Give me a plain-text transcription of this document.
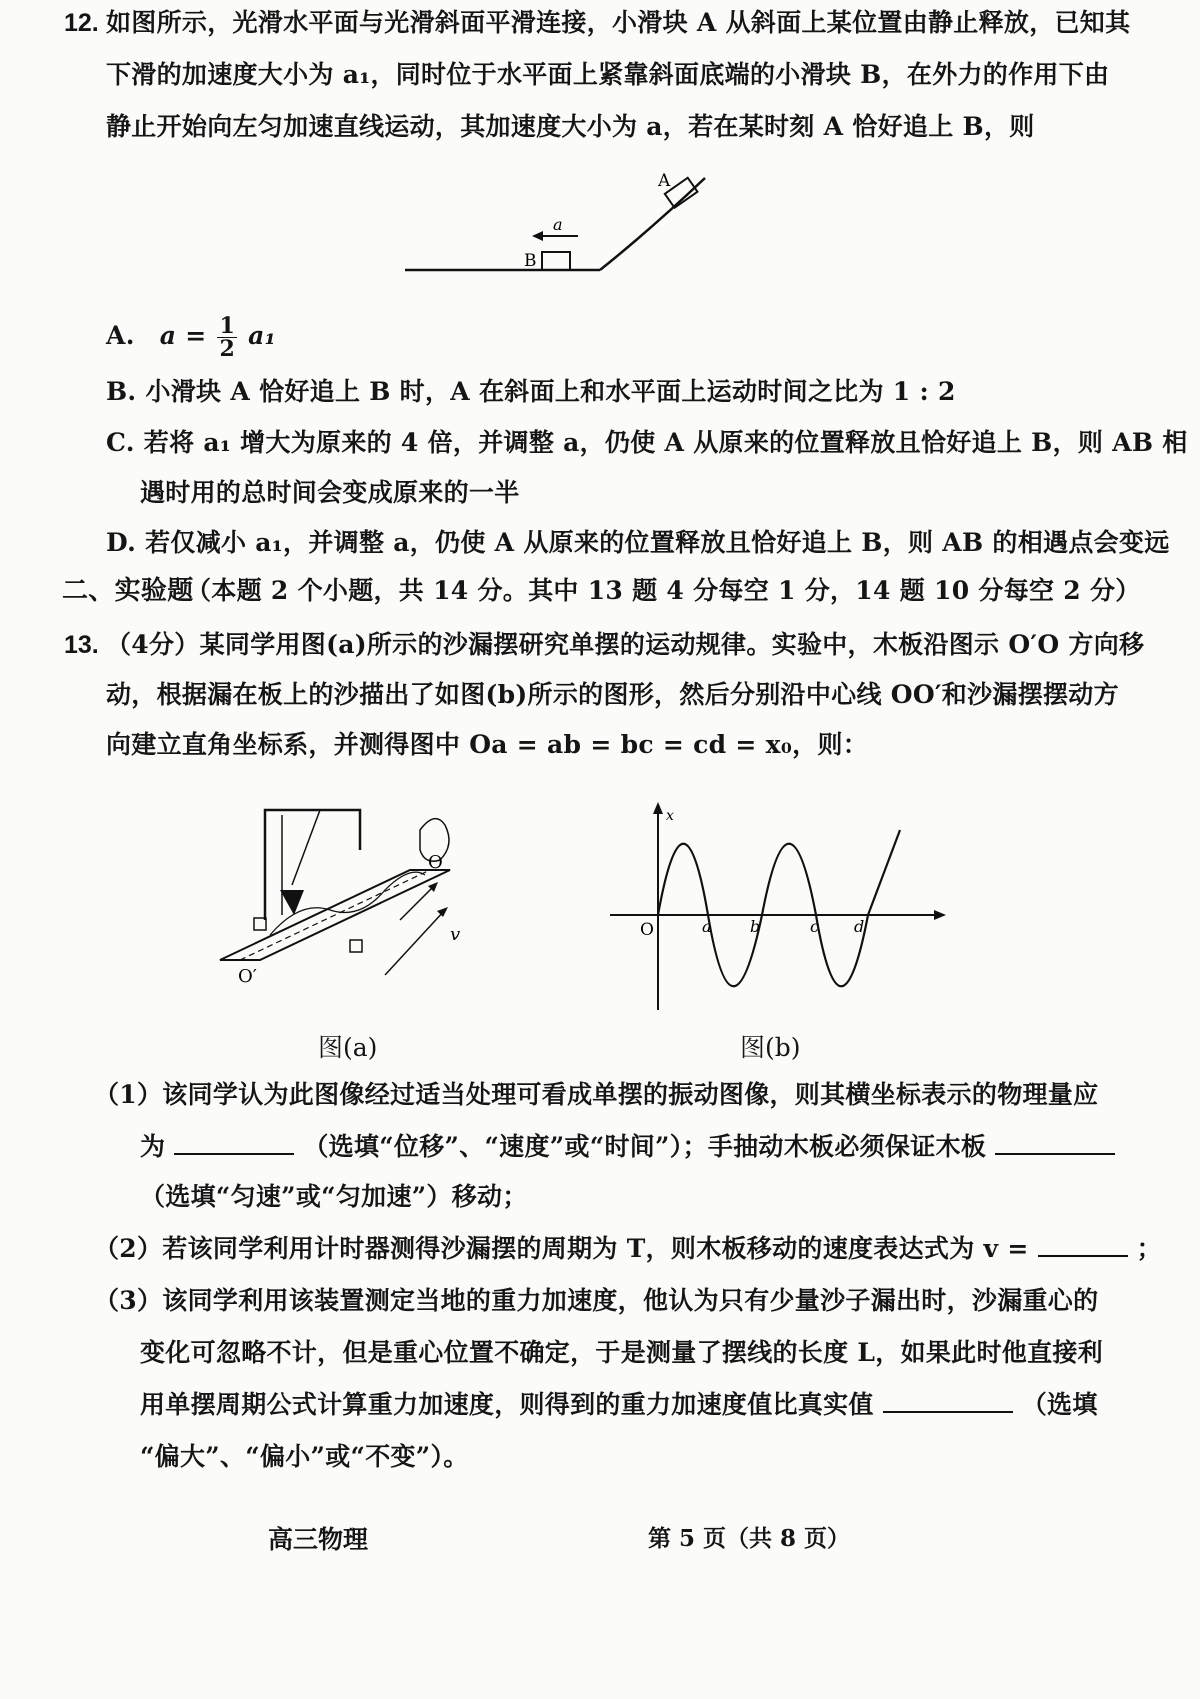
12. 如图所示，光滑水平面与光滑斜面平滑连接，小滑块 A 从斜面上某位置由静止释放，已知其
下滑的加速度大小为 a₁，同时位于水平面上紧靠斜面底端的小滑块 B，在外力的作用下由
静止开始向左匀加速直线运动，其加速度大小为 a，若在某时刻 A 恰好追上 B，则
a
B
A
A. $a = \frac{1}{2} a_1$
B. 小滑块 A 恰好追上 B 时，A 在斜面上和水平面上运动时间之比为 1 : 2
C. 若将 a₁ 增大为原来的 4 倍，并调整 a，仍使 A 从原来的位置释放且恰好追上 B，则 AB 相
遇时用的总时间会变成原来的一半
D. 若仅减小 a₁，并调整 a，仍使 A 从原来的位置释放且恰好追上 B，则 AB 的相遇点会变远
二、实验题
（本题 2 个小题，共 14 分。其中 13 题 4 分每空 1 分，14 题 10 分每空 2 分）
13. （4分）某同学用图(a)所示的沙漏摆研究单摆的运动规律。实验中，木板沿图示 O′O 方向移
动，根据漏在板上的沙描出了如图(b)所示的图形，然后分别沿中心线 OO′和沙漏摆摆动方
向建立直角坐标系，并测得图中 Oa = ab = bc = cd = x₀，则：
O
O′
v
图(a)
x
O	a b	c d
图(b)
（1）该同学认为此图像经过适当处理可看成单摆的振动图像，则其横坐标表示的物理量应
为	（选填“位移”、“速度”或“时间”）；手抽动木板必须保证木板
（选填“匀速”或“匀加速”）移动；
（2）若该同学利用计时器测得沙漏摆的周期为 T，则木板移动的速度表达式为 v =	；
（3）该同学利用该装置测定当地的重力加速度，他认为只有少量沙子漏出时，沙漏重心的
变化可忽略不计，但是重心位置不确定，于是测量了摆线的长度 L，如果此时他直接利
用单摆周期公式计算重力加速度，则得到的重力加速度值比真实值	（选填
“偏大”、“偏小”或“不变”）。
高三物理	第 5 页（共 8 页）
